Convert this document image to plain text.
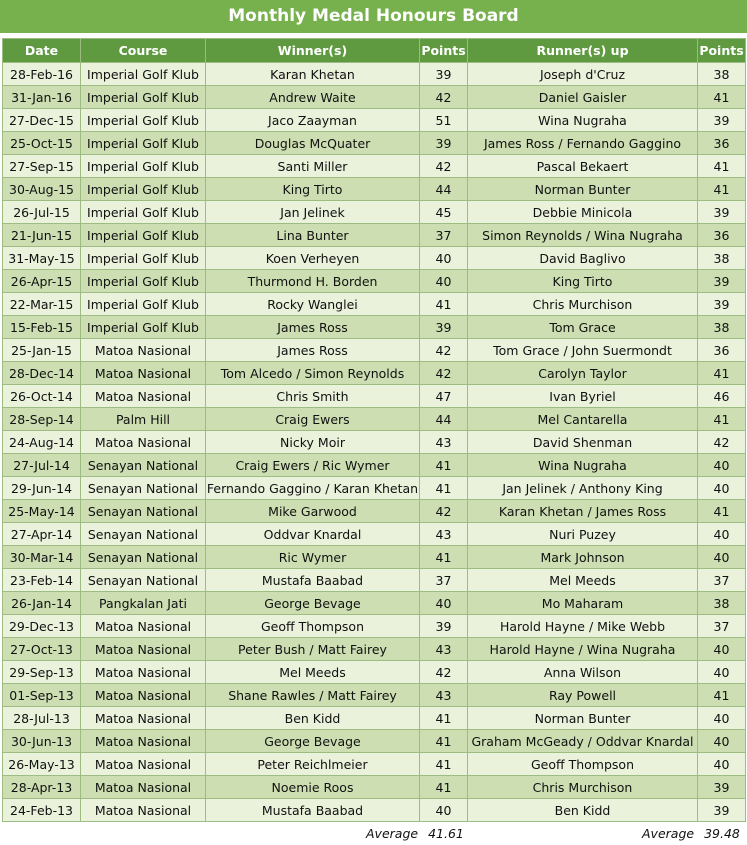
Monthly Medal Honours Board
Date	Course	Winner(s)	Points	Runner(s) up	Points
28-Feb-16	Imperial Golf Klub	Karan Khetan	39	Joseph d'Cruz	38
31-Jan-16	Imperial Golf Klub	Andrew Waite	42	Daniel Gaisler	41
27-Dec-15	Imperial Golf Klub	Jaco Zaayman	51	Wina Nugraha	39
25-Oct-15	Imperial Golf Klub	Douglas McQuater	39	James Ross / Fernando Gaggino	36
27-Sep-15	Imperial Golf Klub	Santi Miller	42	Pascal Bekaert	41
30-Aug-15	Imperial Golf Klub	King Tirto	44	Norman Bunter	41
26-Jul-15	Imperial Golf Klub	Jan Jelinek	45	Debbie Minicola	39
21-Jun-15	Imperial Golf Klub	Lina Bunter	37	Simon Reynolds / Wina Nugraha	36
31-May-15	Imperial Golf Klub	Koen Verheyen	40	David Baglivo	38
26-Apr-15	Imperial Golf Klub	Thurmond H. Borden	40	King Tirto	39
22-Mar-15	Imperial Golf Klub	Rocky Wanglei	41	Chris Murchison	39
15-Feb-15	Imperial Golf Klub	James Ross	39	Tom Grace	38
25-Jan-15	Matoa Nasional	James Ross	42	Tom Grace / John Suermondt	36
28-Dec-14	Matoa Nasional	Tom Alcedo / Simon Reynolds	42	Carolyn Taylor	41
26-Oct-14	Matoa Nasional	Chris Smith	47	Ivan Byriel	46
28-Sep-14	Palm Hill	Craig Ewers	44	Mel Cantarella	41
24-Aug-14	Matoa Nasional	Nicky Moir	43	David Shenman	42
27-Jul-14	Senayan National	Craig Ewers / Ric Wymer	41	Wina Nugraha	40
29-Jun-14	Senayan National	Fernando Gaggino / Karan Khetan	41	Jan Jelinek / Anthony King	40
25-May-14	Senayan National	Mike Garwood	42	Karan Khetan / James Ross	41
27-Apr-14	Senayan National	Oddvar Knardal	43	Nuri Puzey	40
30-Mar-14	Senayan National	Ric Wymer	41	Mark Johnson	40
23-Feb-14	Senayan National	Mustafa Baabad	37	Mel Meeds	37
26-Jan-14	Pangkalan Jati	George Bevage	40	Mo Maharam	38
29-Dec-13	Matoa Nasional	Geoff Thompson	39	Harold Hayne / Mike Webb	37
27-Oct-13	Matoa Nasional	Peter Bush / Matt Fairey	43	Harold Hayne / Wina Nugraha	40
29-Sep-13	Matoa Nasional	Mel Meeds	42	Anna Wilson	40
01-Sep-13	Matoa Nasional	Shane Rawles / Matt Fairey	43	Ray Powell	41
28-Jul-13	Matoa Nasional	Ben Kidd	41	Norman Bunter	40
30-Jun-13	Matoa Nasional	George Bevage	41	Graham McGeady / Oddvar Knardal	40
26-May-13	Matoa Nasional	Peter Reichlmeier	41	Geoff Thompson	40
28-Apr-13	Matoa Nasional	Noemie Roos	41	Chris Murchison	39
24-Feb-13	Matoa Nasional	Mustafa Baabad	40	Ben Kidd	39
Average 41.61	Average 39.48
